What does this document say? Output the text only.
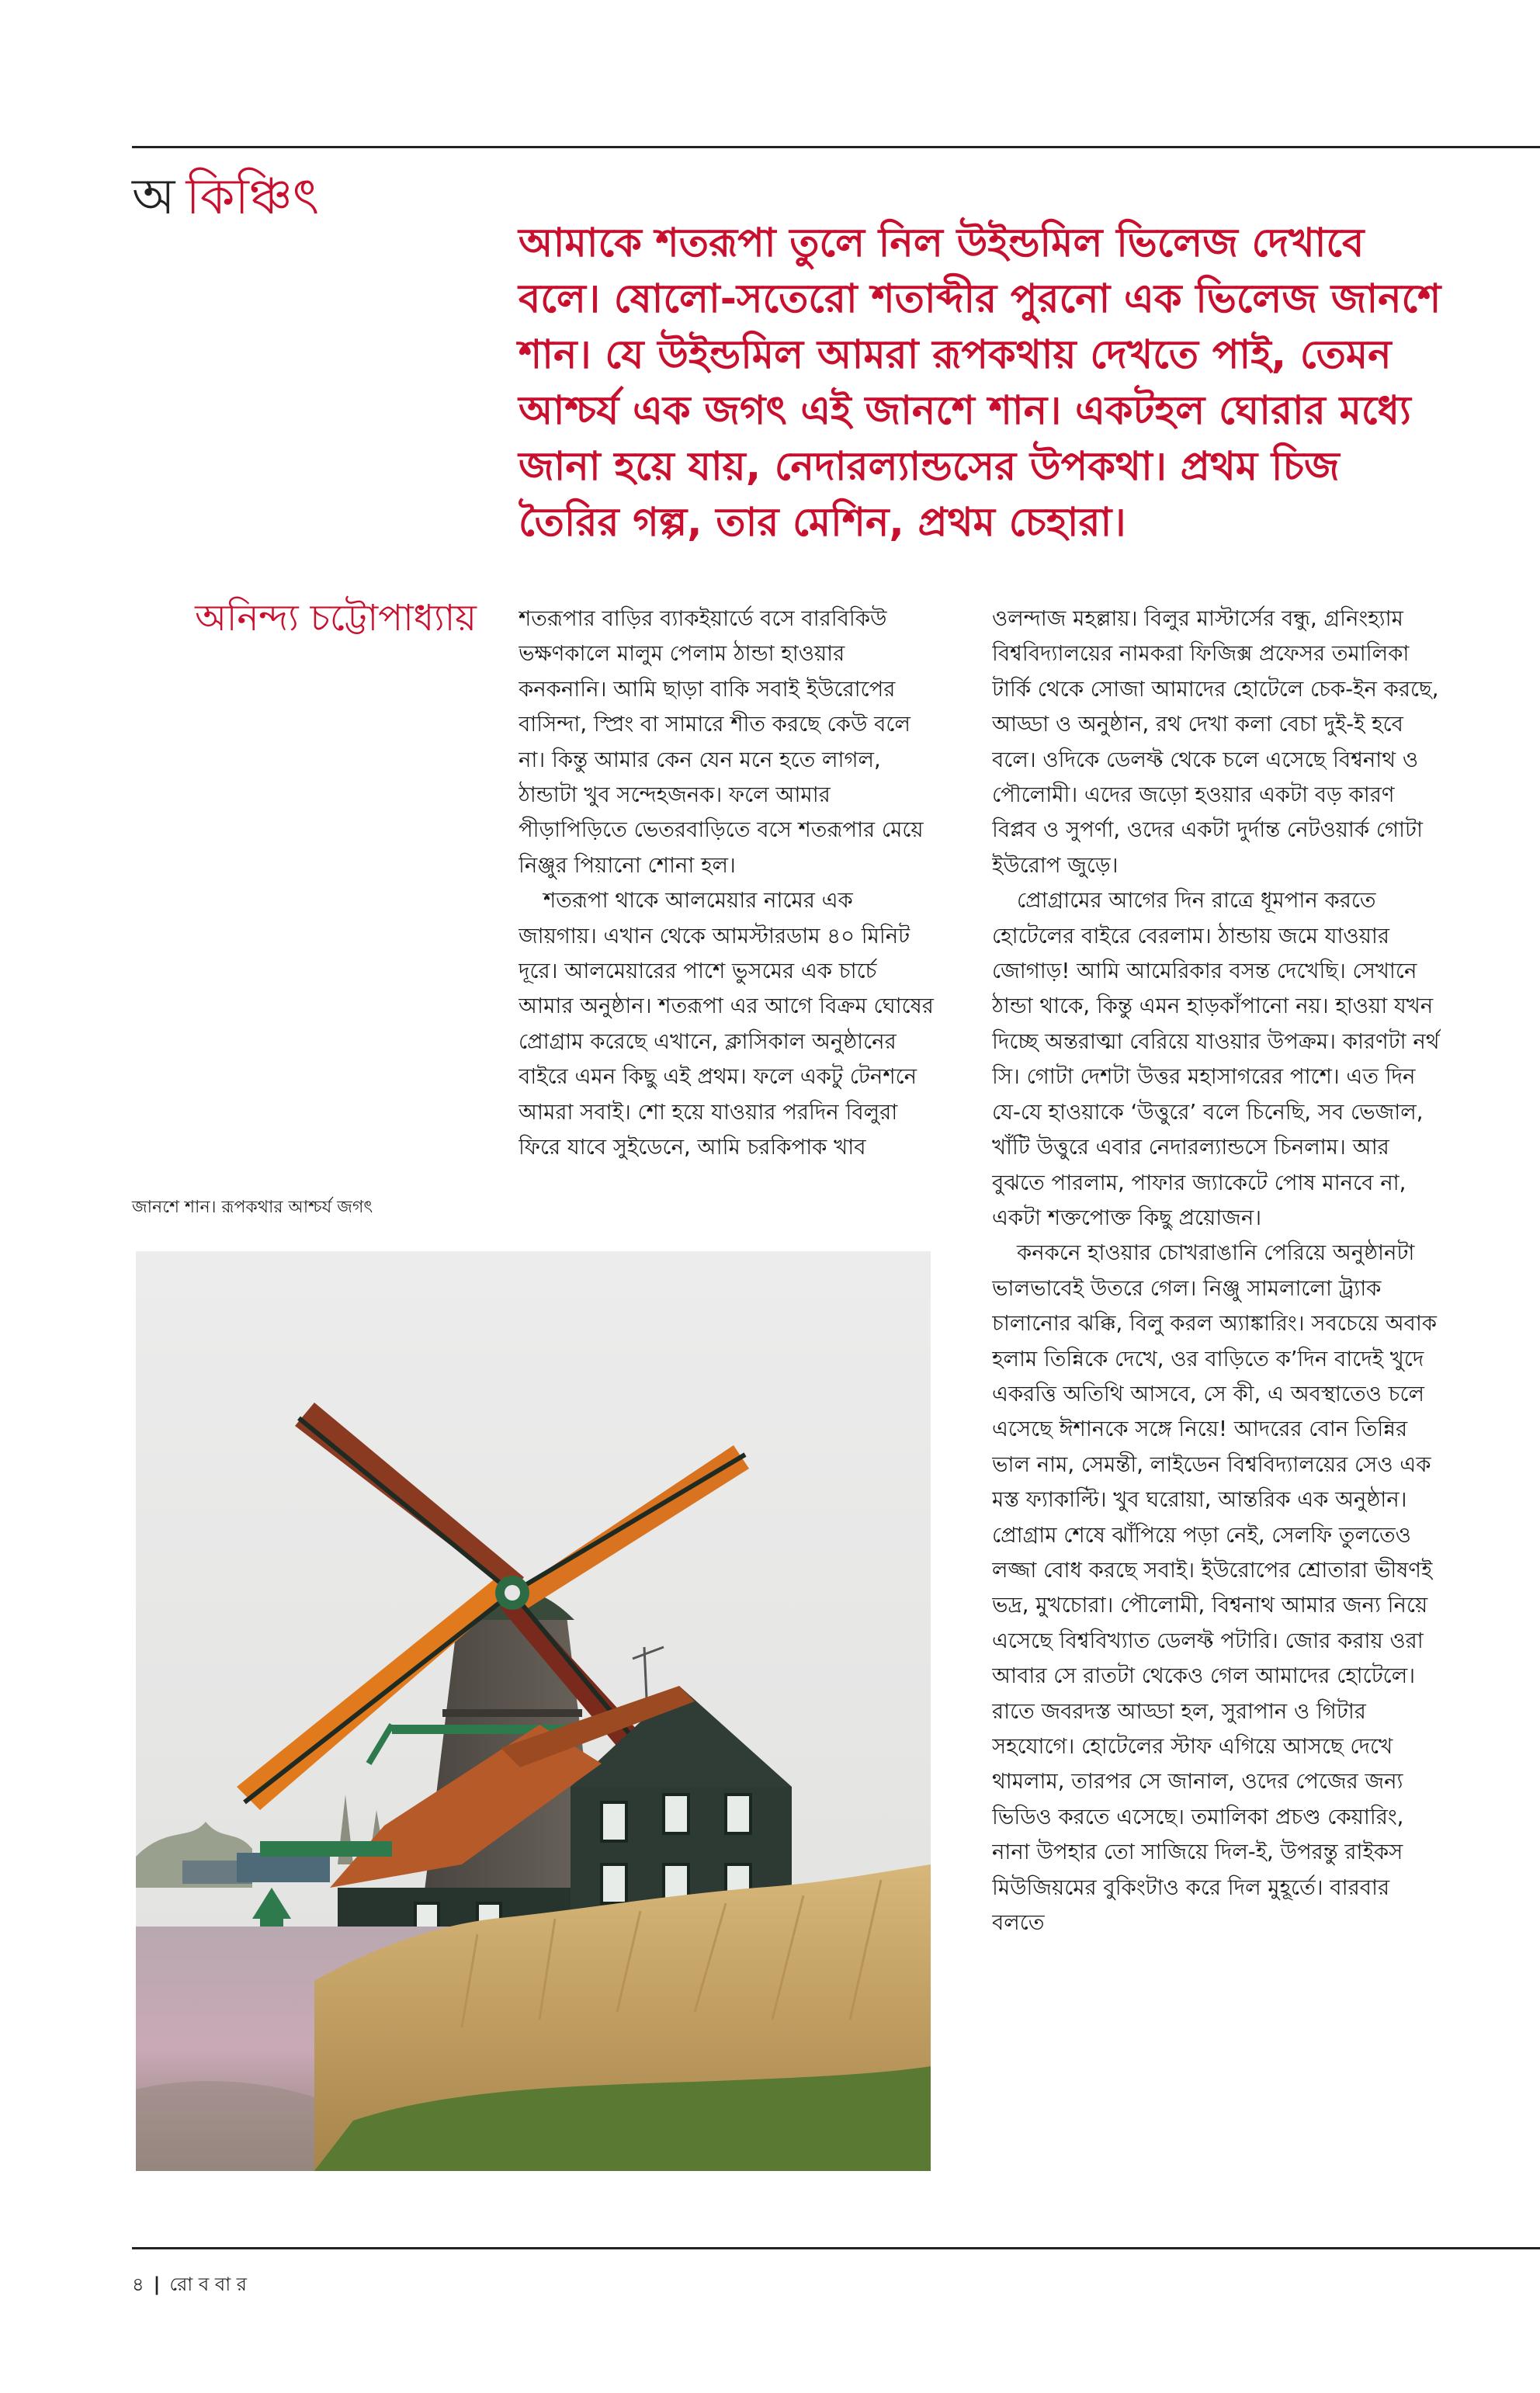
অ কিঞ্চিৎ
আমাকে শতরূপা তুলে নিল উইন্ডমিল ভিলেজ দেখাবে বলে। ষোলো-সতেরো শতাব্দীর পুরনো এক ভিলেজ জানশে শান। যে উইন্ডমিল আমরা রূপকথায় দেখতে পাই, তেমন আশ্চর্য এক জগৎ এই জানশে শান। একটহল ঘোরার মধ্যে জানা হয়ে যায়, নেদারল্যান্ডসের উপকথা। প্রথম চিজ তৈরির গল্প, তার মেশিন, প্রথম চেহারা।
অনিন্দ্য চট্টোপাধ্যায় শতরূপার বাড়ির ব্যাকইয়ার্ডে বসে বারবিকিউ ভক্ষণকালে মালুম পেলাম ঠান্ডা হাওয়ার কনকনানি। আমি ছাড়া বাকি সবাই ইউরোপের বাসিন্দা, স্প্রিং বা সামারে শীত করছে কেউ বলে না। কিন্তু আমার কেন যেন মনে হতে লাগল, ঠান্ডাটা খুব সন্দেহজনক। ফলে আমার পীড়াপিড়িতে ভেতরবাড়িতে বসে শতরূপার মেয়ে নিঞ্জুর পিয়ানো শোনা হল।

শতরূপা থাকে আলমেয়ার নামের এক জায়গায়। এখান থেকে আমস্টারডাম ৪০ মিনিট দূরে। আলমেয়ারের পাশে ভুসমের এক চার্চে আমার অনুষ্ঠান। শতরূপা এর আগে বিক্রম ঘোষের প্রোগ্রাম করেছে এখানে, ক্লাসিকাল অনুষ্ঠানের বাইরে এমন কিছু এই প্রথম। ফলে একটু টেনশনে আমরা সবাই। শো হয়ে যাওয়ার পরদিন বিলুরা ফিরে যাবে সুইডেনে, আমি চরকিপাক খাব

ওলন্দাজ মহল্লায়। বিলুর মাস্টার্সের বন্ধু, গ্রনিংহ্যাম বিশ্ববিদ্যালয়ের নামকরা ফিজিক্স প্রফেসর তমালিকা টার্কি থেকে সোজা আমাদের হোটেলে চেক-ইন করছে, আড্ডা ও অনুষ্ঠান, রথ দেখা কলা বেচা দুই-ই হবে বলে। ওদিকে ডেলফ্ট থেকে চলে এসেছে বিশ্বনাথ ও পৌলোমী। এদের জড়ো হওয়ার একটা বড় কারণ বিপ্লব ও সুপর্ণা, ওদের একটা দুর্দান্ত নেটওয়ার্ক গোটা ইউরোপ জুড়ে।

প্রোগ্রামের আগের দিন রাত্রে ধূমপান করতে হোটেলের বাইরে বেরলাম। ঠান্ডায় জমে যাওয়ার জোগাড়! আমি আমেরিকার বসন্ত দেখেছি। সেখানে ঠান্ডা থাকে, কিন্তু এমন হাড়কাঁপানো নয়। হাওয়া যখন দিচ্ছে অন্তরাত্মা বেরিয়ে যাওয়ার উপক্রম। কারণটা নর্থ সি। গোটা দেশটা উত্তর মহাসাগরের পাশে। এত দিন যে-যে হাওয়াকে ‘উত্তুরে’ বলে চিনেছি, সব ভেজাল, খাঁটি উত্তুরে এবার নেদারল্যান্ডসে চিনলাম। আর বুঝতে পারলাম, পাফার জ্যাকেটে পোষ মানবে না, একটা শক্তপোক্ত কিছু প্রয়োজন।

কনকনে হাওয়ার চোখরাঙানি পেরিয়ে অনুষ্ঠানটা ভালভাবেই উতরে গেল। নিঞ্জু সামলালো ট্র্যাক চালানোর ঝক্কি, বিলু করল অ্যাঙ্কারিং। সবচেয়ে অবাক হলাম তিন্নিকে দেখে, ওর বাড়িতে ক’দিন বাদেই খুদে একরত্তি অতিথি আসবে, সে কী, এ অবস্থাতেও চলে এসেছে ঈশানকে সঙ্গে নিয়ে! আদরের বোন তিন্নির ভাল নাম, সেমন্তী, লাইডেন বিশ্ববিদ্যালয়ের সেও এক মস্ত ফ্যাকাল্টি। খুব ঘরোয়া, আন্তরিক এক অনুষ্ঠান। প্রোগ্রাম শেষে ঝাঁপিয়ে পড়া নেই, সেলফি তুলতেও লজ্জা বোধ করছে সবাই। ইউরোপের শ্রোতারা ভীষণই ভদ্র, মুখচোরা। পৌলোমী, বিশ্বনাথ আমার জন্য নিয়ে এসেছে বিশ্ববিখ্যাত ডেলফ্ট পটারি। জোর করায় ওরা আবার সে রাতটা থেকেও গেল আমাদের হোটেলে। রাতে জবরদস্ত আড্ডা হল, সুরাপান ও গিটার সহযোগে। হোটেলের স্টাফ এগিয়ে আসছে দেখে থামলাম, তারপর সে জানাল, ওদের পেজের জন্য ভিডিও করতে এসেছে। তমালিকা প্রচণ্ড কেয়ারিং, নানা উপহার তো সাজিয়ে দিল-ই, উপরন্তু রাইকস মিউজিয়মের বুকিংটাও করে দিল মুহূর্তে। বারবার বলতে

জানশে শান। রূপকথার আশ্চর্য জগৎ
৪ | রো ব বা র
